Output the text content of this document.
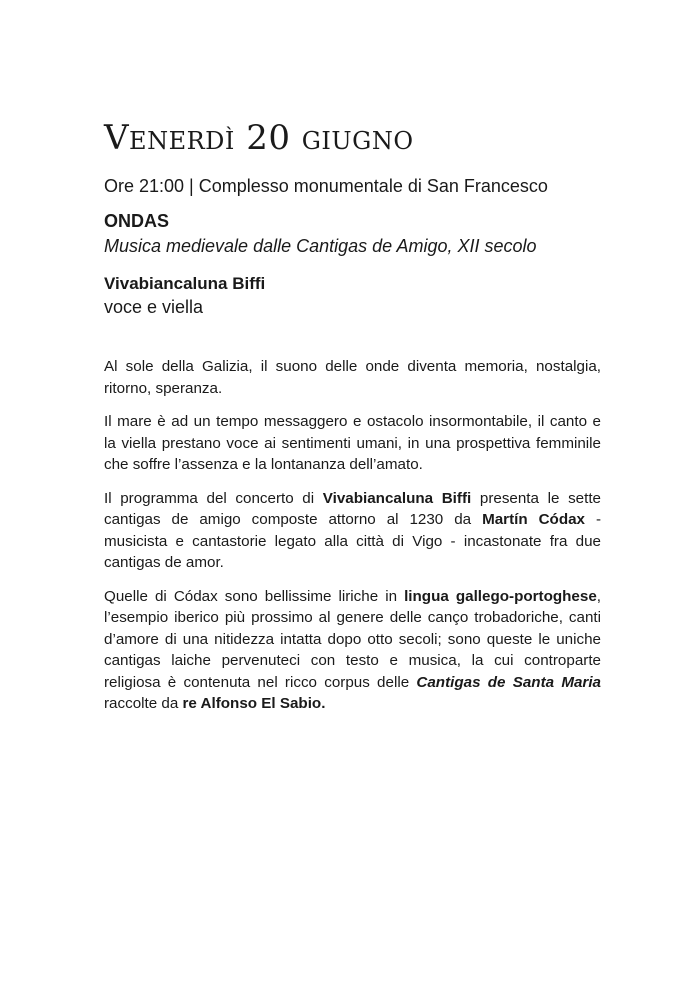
Venerdì 20 giugno
Ore 21:00 | Complesso monumentale di San Francesco
ONDAS
Musica medievale dalle Cantigas de Amigo, XII secolo
Vivabiancaluna Biffi
voce e viella

Al sole della Galizia, il suono delle onde diventa memoria, nostalgia, ritorno, speranza.

Il mare è ad un tempo messaggero e ostacolo insormontabile, il canto e la viella prestano voce ai sentimenti umani, in una prospettiva femminile che soffre l’assenza e la lontananza dell’amato.

Il programma del concerto di Vivabiancaluna Biffi presenta le sette cantigas de amigo composte attorno al 1230 da Martín Códax - musicista e cantastorie legato alla città di Vigo - incastonate fra due cantigas de amor.

Quelle di Códax sono bellissime liriche in lingua gallego-portoghese, l’esempio iberico più prossimo al genere delle canço trobadoriche, canti d’amore di una nitidezza intatta dopo otto secoli; sono queste le uniche cantigas laiche pervenuteci con testo e musica, la cui controparte religiosa è contenuta nel ricco corpus delle Cantigas de Santa Maria raccolte da re Alfonso El Sabio.
